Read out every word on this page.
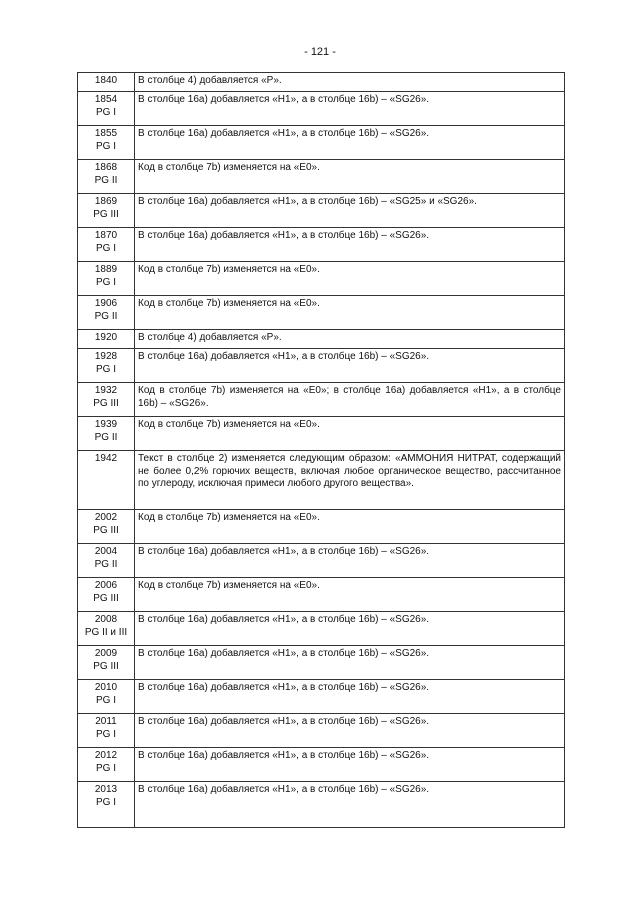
- 121 -
1840	В столбце 4) добавляется «P».

1854
PG I	В столбце 16a) добавляется «H1», а в столбце 16b) – «SG26».

1855
PG I	В столбце 16a) добавляется «H1», а в столбце 16b) – «SG26».

1868
PG II	Код в столбце 7b) изменяется на «E0».

1869
PG III	В столбце 16a) добавляется «H1», а в столбце 16b) – «SG25» и «SG26».

1870
PG I	В столбце 16a) добавляется «H1», а в столбце 16b) – «SG26».

1889
PG I	Код в столбце 7b) изменяется на «E0».

1906
PG II	Код в столбце 7b) изменяется на «E0».

1920	В столбце 4) добавляется «P».

1928
PG I	В столбце 16a) добавляется «H1», а в столбце 16b) – «SG26».

1932
PG III	Код в столбце 7b) изменяется на «E0»; в столбце 16a) добавляется «H1», а в столбце 16b) – «SG26».

1939
PG II	Код в столбце 7b) изменяется на «E0».

1942	Текст в столбце 2) изменяется следующим образом: «АММОНИЯ НИТРАТ, содержащий не более 0,2% горючих веществ, включая любое органическое вещество, рассчитанное по углероду, исключая примеси любого другого вещества».

2002
PG III	Код в столбце 7b) изменяется на «E0».

2004
PG II	В столбце 16a) добавляется «H1», а в столбце 16b) – «SG26».

2006
PG III	Код в столбце 7b) изменяется на «E0».

2008
PG II и III	В столбце 16a) добавляется «H1», а в столбце 16b) – «SG26».

2009
PG III	В столбце 16a) добавляется «H1», а в столбце 16b) – «SG26».

2010
PG I	В столбце 16a) добавляется «H1», а в столбце 16b) – «SG26».

2011
PG I	В столбце 16a) добавляется «H1», а в столбце 16b) – «SG26».

2012
PG I	В столбце 16a) добавляется «H1», а в столбце 16b) – «SG26».

2013
PG I	В столбце 16a) добавляется «H1», а в столбце 16b) – «SG26».
